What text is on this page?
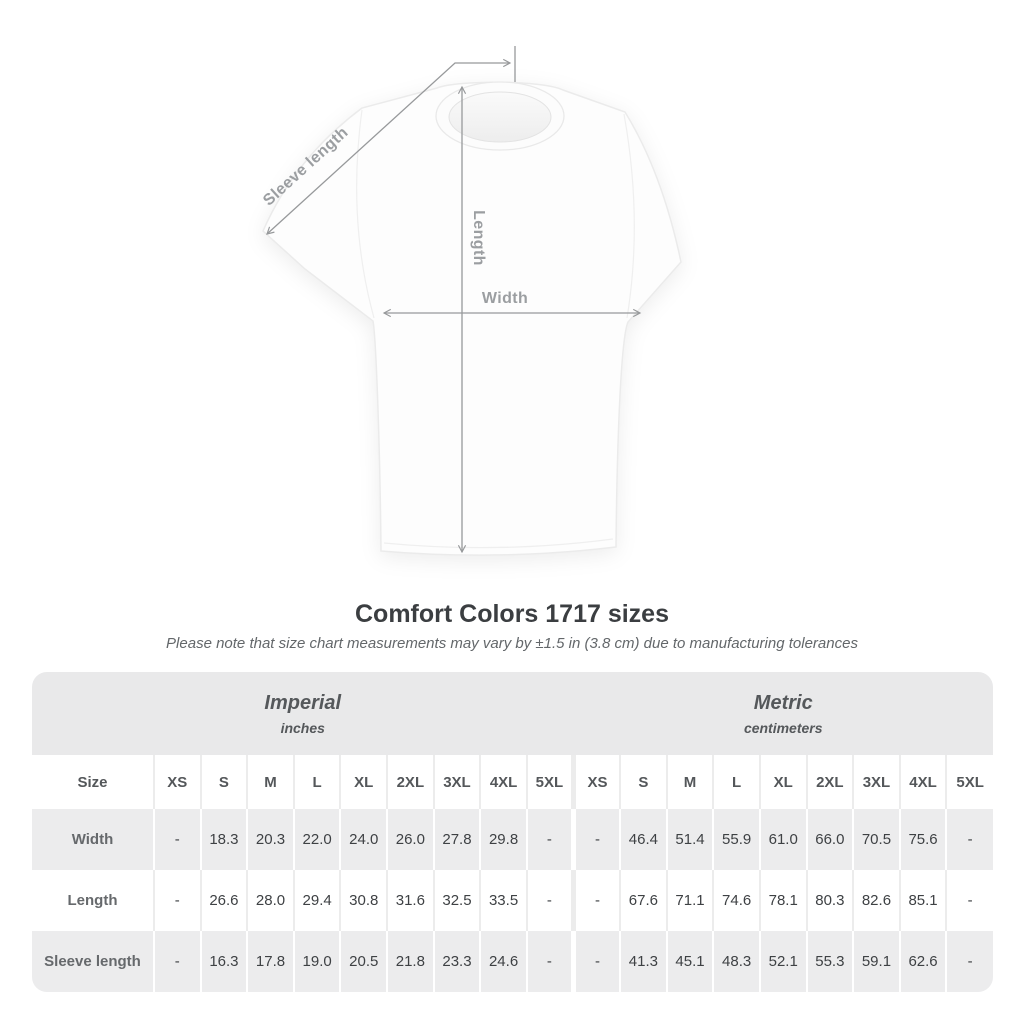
Sleeve length
Length
Width
Comfort Colors 1717 sizes
Please note that size chart measurements may vary by ±1.5 in (3.8 cm) due to manufacturing tolerances
Imperial
inches

Metric
centimeters

Size	XS	S	M	L	XL	2XL	3XL	4XL	5XL	XS	S	M	L	XL	2XL	3XL	4XL	5XL
Width	-	18.3	20.3	22.0	24.0	26.0	27.8	29.8	-	-	46.4	51.4	55.9	61.0	66.0	70.5	75.6	-
Length	-	26.6	28.0	29.4	30.8	31.6	32.5	33.5	-	-	67.6	71.1	74.6	78.1	80.3	82.6	85.1	-
Sleeve length	-	16.3	17.8	19.0	20.5	21.8	23.3	24.6	-	-	41.3	45.1	48.3	52.1	55.3	59.1	62.6	-
